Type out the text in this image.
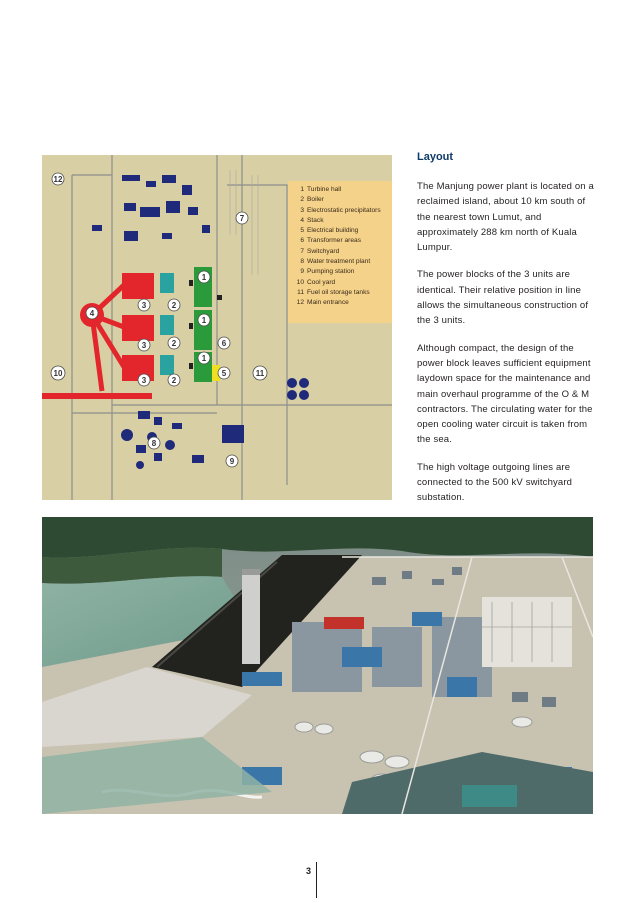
12
7
1
3	2
4
1
3	2	6
1
10	5	11
3	2
8
9
1 Turbine hall
2 Boiler
3 Electrostatic precipitators
4 Stack
5 Electrical building
6 Transformer areas
7 Switchyard
8 Water treatment plant
9 Pumping station
10 Cool yard
11 Fuel oil storage tanks
12 Main entrance
Layout

The Manjung power plant is located on a reclaimed island, about 10 km south of the nearest town Lumut, and approximately 288 km north of Kuala Lumpur.

The power blocks of the 3 units are identical. Their relative position in line allows the simultaneous construction of the 3 units.

Although compact, the design of the power block leaves sufficient equipment laydown space for the maintenance and main overhaul programme of the O & M contractors. The circulating water for the open cooling water circuit is taken from the sea.

The high voltage outgoing lines are connected to the 500 kV switchyard substation.

3
